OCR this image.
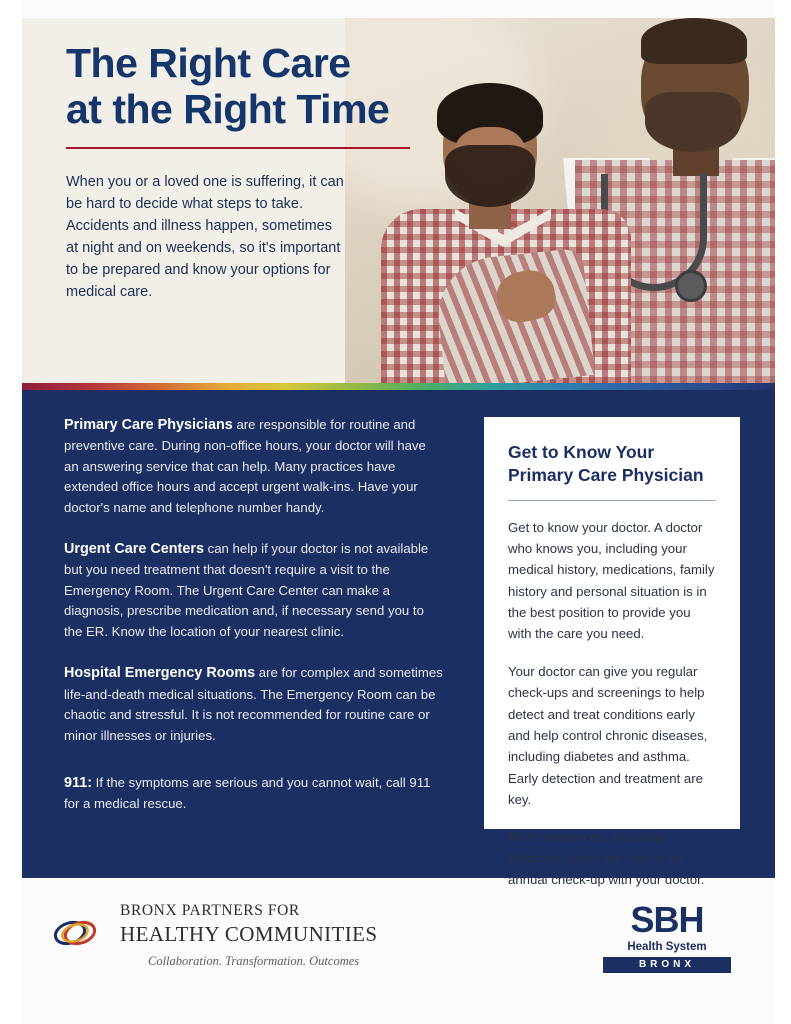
The Right Care
at the Right Time

When you or a loved one is suffering, it can be hard to decide what steps to take. Accidents and illness happen, sometimes at night and on weekends, so it's important to be prepared and know your options for medical care.

Primary Care Physicians are responsible for routine and preventive care. During non-office hours, your doctor will have an answering service that can help. Many practices have extended office hours and accept urgent walk-ins. Have your doctor's name and telephone number handy.

Urgent Care Centers can help if your doctor is not available but you need treatment that doesn't require a visit to the Emergency Room. The Urgent Care Center can make a diagnosis, prescribe medication and, if necessary send you to the ER. Know the location of your nearest clinic.

Hospital Emergency Rooms are for complex and sometimes life-and-death medical situations. The Emergency Room can be chaotic and stressful. It is not recommended for routine care or minor illnesses or injuries.

911: If the symptoms are serious and you cannot wait, call 911 for a medical rescue.

Get to Know Your
Primary Care Physician

Get to know your doctor. A doctor who knows you, including your medical history, medications, family history and personal situation is in the best position to provide you with the care you need.

Your doctor can give you regular check-ups and screenings to help detect and treat conditions early and help control chronic diseases, including diabetes and asthma. Early detection and treatment are key.

Most insurances, including Medicaid, cover the cost of an annual check-up with your doctor.

BRONX PARTNERS FOR
HEALTHY COMMUNITIES
Collaboration. Transformation. Outcomes
SBH
Health System
BRONX
